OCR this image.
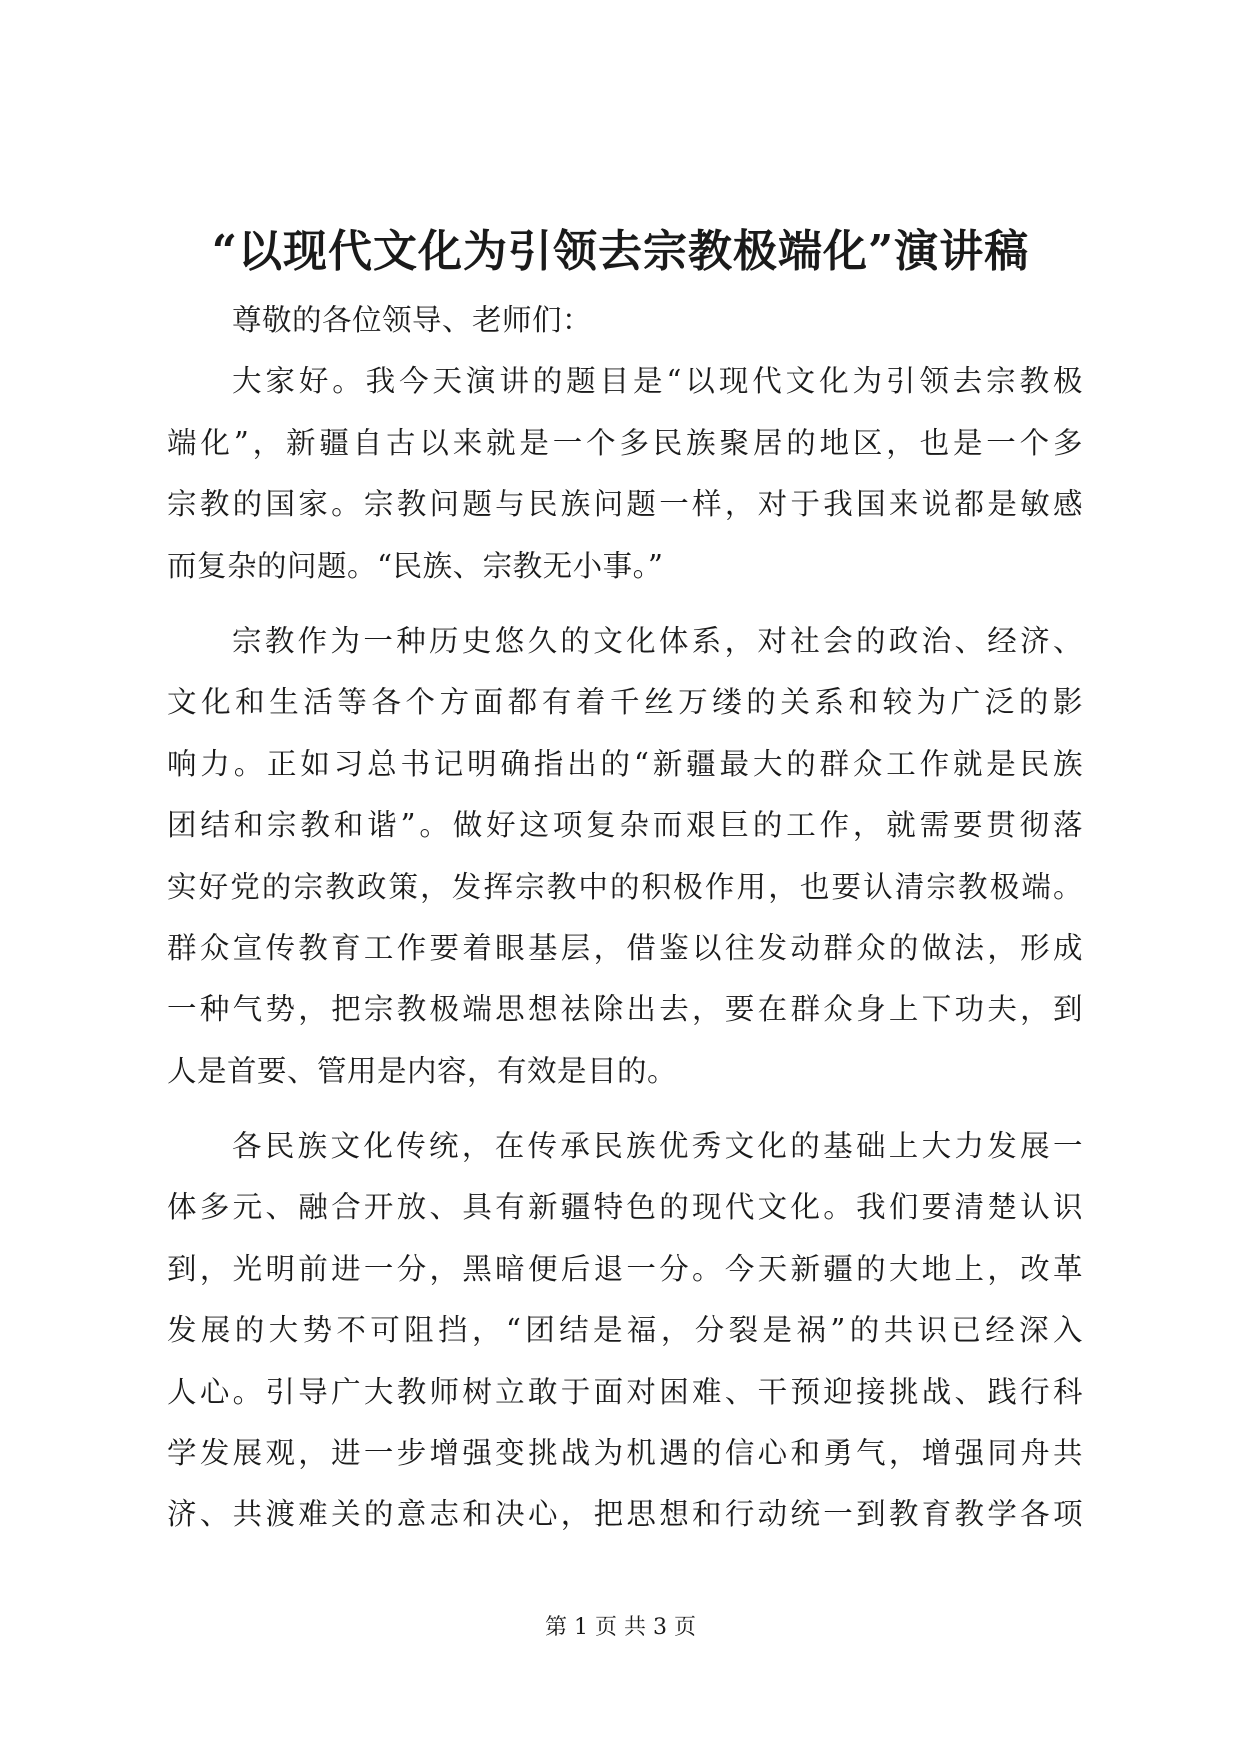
“以现代文化为引领去宗教极端化”演讲稿
尊敬的各位领导、老师们：
大家好。我今天演讲的题目是“以现代文化为引领去宗教极
端化”，新疆自古以来就是一个多民族聚居的地区，也是一个多
宗教的国家。宗教问题与民族问题一样，对于我国来说都是敏感
而复杂的问题。“民族、宗教无小事。”
宗教作为一种历史悠久的文化体系，对社会的政治、经济、
文化和生活等各个方面都有着千丝万缕的关系和较为广泛的影
响力。正如习总书记明确指出的“新疆最大的群众工作就是民族
团结和宗教和谐”。做好这项复杂而艰巨的工作，就需要贯彻落
实好党的宗教政策，发挥宗教中的积极作用，也要认清宗教极端。
群众宣传教育工作要着眼基层，借鉴以往发动群众的做法，形成
一种气势，把宗教极端思想祛除出去，要在群众身上下功夫，到
人是首要、管用是内容，有效是目的。
各民族文化传统，在传承民族优秀文化的基础上大力发展一
体多元、融合开放、具有新疆特色的现代文化。我们要清楚认识
到，光明前进一分，黑暗便后退一分。今天新疆的大地上，改革
发展的大势不可阻挡，“团结是福，分裂是祸”的共识已经深入
人心。引导广大教师树立敢于面对困难、干预迎接挑战、践行科
学发展观，进一步增强变挑战为机遇的信心和勇气，增强同舟共
济、共渡难关的意志和决心，把思想和行动统一到教育教学各项
第 1 页 共 3 页
